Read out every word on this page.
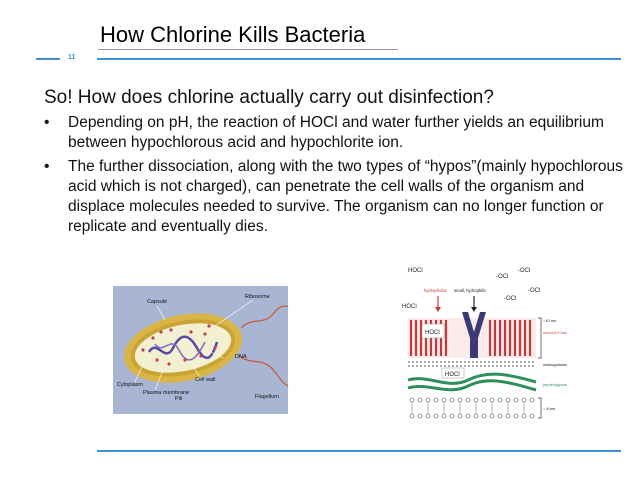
How Chlorine Kills Bacteria
11
So! How does chlorine actually carry out disinfection?
• Depending on pH, the reaction of HOCl and water further yields an equilibrium between hypochlorous acid and hypochlorite ion.
• The further dissociation, along with the two types of “hypos”(mainly hypochlorous acid which is not charged), can penetrate the cell walls of the organism and displace molecules needed to survive. The organism can no longer function or replicate and eventually dies.
Capsule
Ribosome
DNA
Cytoplasm
Cell wall
Plasma membrane
Pili	Flagellum
HOCl
-OCl
-OCl
-OCl
-OCl
HOCl
hydrophobic small, hydrophilic
HOCl
HOCl
~10 nm
mycolic acids (60-90 C-atoms)
arabinogalactan
peptidoglycan
~ 8 nm
